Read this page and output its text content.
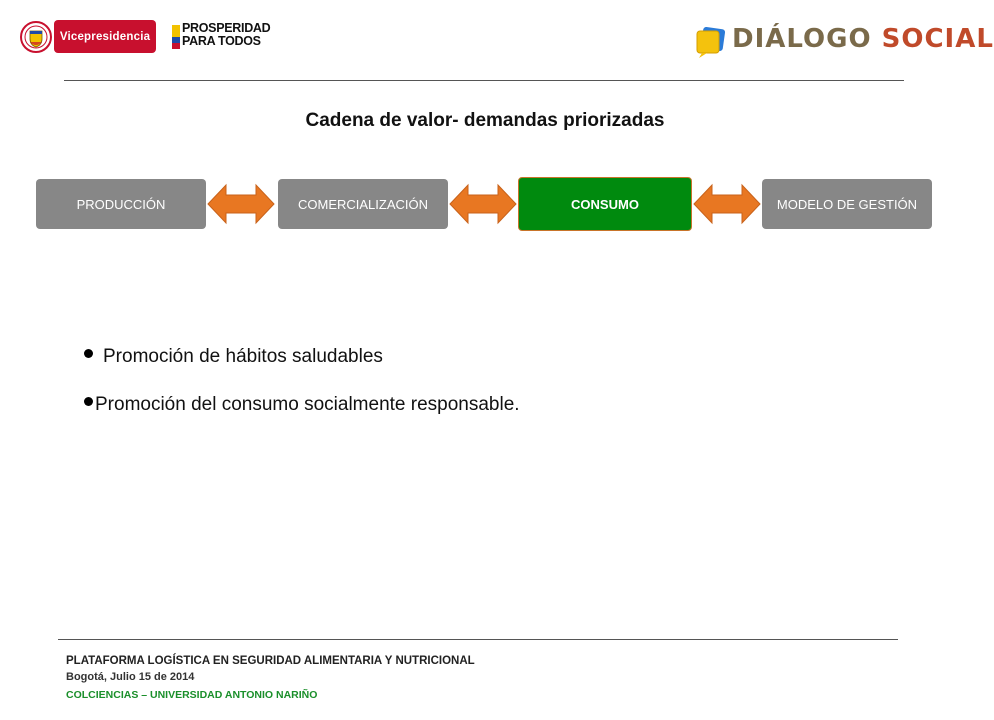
Vicepresidencia
PROSPERIDAD
PARA TODOS	DIÁLOGO SOCIAL
Cadena de valor- demandas priorizadas
PRODUCCIÓN	COMERCIALIZACIÓN	CONSUMO	MODELO DE GESTIÓN
Promoción de hábitos saludables
Promoción del consumo socialmente responsable.
PLATAFORMA LOGÍSTICA EN SEGURIDAD ALIMENTARIA Y NUTRICIONAL
Bogotá, Julio 15 de 2014
COLCIENCIAS – UNIVERSIDAD ANTONIO NARIÑO
